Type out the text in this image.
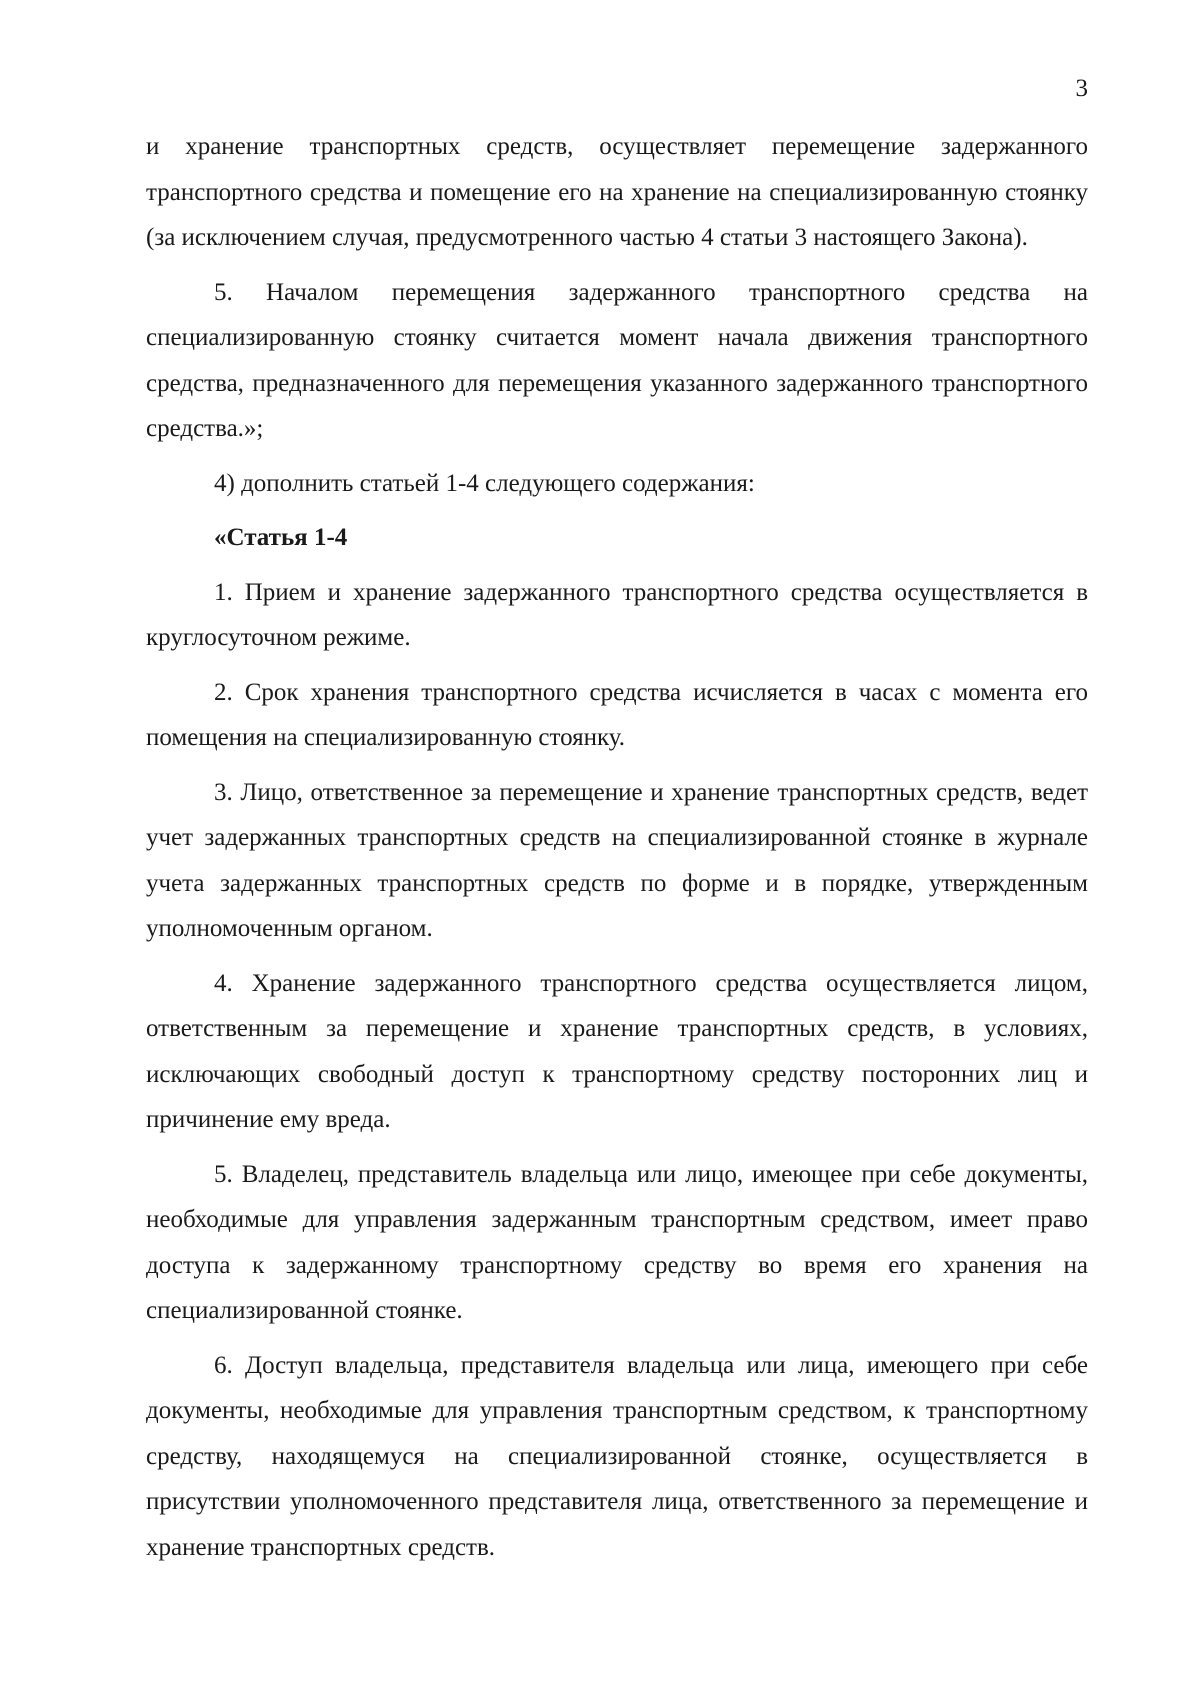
3

и хранение транспортных средств, осуществляет перемещение задержанного транспортного средства и помещение его на хранение на специализированную стоянку (за исключением случая, предусмотренного частью 4 статьи 3 настоящего Закона).

5. Началом перемещения задержанного транспортного средства на специализированную стоянку считается момент начала движения транспортного средства, предназначенного для перемещения указанного задержанного транспортного средства.»;

4) дополнить статьей 1-4 следующего содержания:

«Статья 1-4

1. Прием и хранение задержанного транспортного средства осуществляется в круглосуточном режиме.

2. Срок хранения транспортного средства исчисляется в часах с момента его помещения на специализированную стоянку.

3. Лицо, ответственное за перемещение и хранение транспортных средств, ведет учет задержанных транспортных средств на специализированной стоянке в журнале учета задержанных транспортных средств по форме и в порядке, утвержденным уполномоченным органом.

4. Хранение задержанного транспортного средства осуществляется лицом, ответственным за перемещение и хранение транспортных средств, в условиях, исключающих свободный доступ к транспортному средству посторонних лиц и причинение ему вреда.

5. Владелец, представитель владельца или лицо, имеющее при себе документы, необходимые для управления задержанным транспортным средством, имеет право доступа к задержанному транспортному средству во время его хранения на специализированной стоянке.

6. Доступ владельца, представителя владельца или лица, имеющего при себе документы, необходимые для управления транспортным средством, к транспортному средству, находящемуся на специализированной стоянке, осуществляется в присутствии уполномоченного представителя лица, ответственного за перемещение и хранение транспортных средств.
